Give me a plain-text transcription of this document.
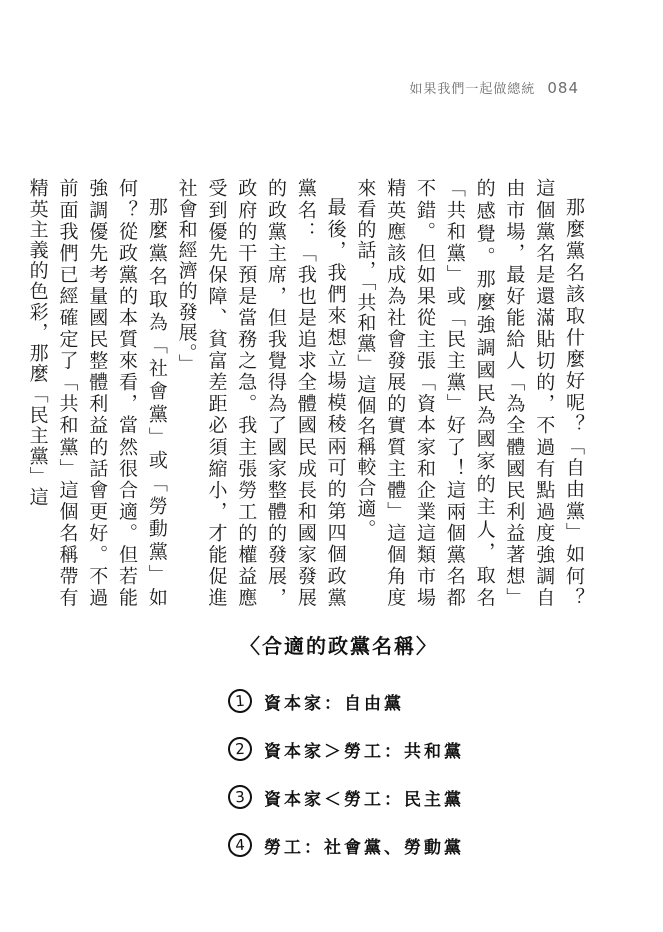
如果我們一起做總統 084

那麼黨名該取什麼好呢？「自由黨」如何？這個黨名是還滿貼切的，不過有點過度強調自由市場，最好能給人「為全體國民利益著想」的感覺。那麼強調國民為國家的主人，取名「共和黨」或「民主黨」好了！這兩個黨名都不錯。但如果從主張「資本家和企業這類市場精英應該成為社會發展的實質主體」這個角度來看的話，「共和黨」這個名稱較合適。

最後，我們來想立場模稜兩可的第四個政黨黨名：「我也是追求全體國民成長和國家發展的政黨主席，但我覺得為了國家整體的發展，政府的干預是當務之急。我主張勞工的權益應受到優先保障、貧富差距必須縮小，才能促進社會和經濟的發展。」

那麼黨名取為「社會黨」或「勞動黨」如何？從政黨的本質來看，當然很合適。但若能強調優先考量國民整體利益的話會更好。不過前面我們已經確定了「共和黨」這個名稱帶有精英主義的色彩，那麼「民主黨」這

〈合適的政黨名稱〉
1	資本家：自由黨
2	資本家＞勞工：共和黨
3	資本家＜勞工：民主黨
4	勞工：社會黨、勞動黨
